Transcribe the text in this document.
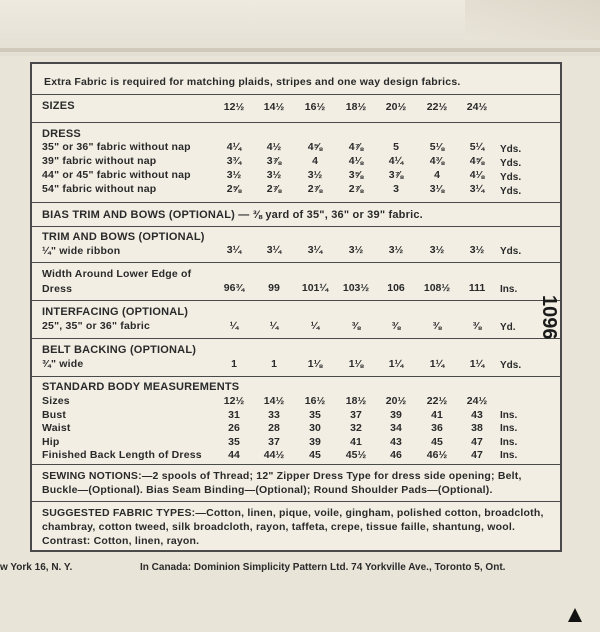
Extra Fabric is required for matching plaids, stripes and one way design fabrics.
SIZES	12½	14½	16½	18½	20½	22½	24½
DRESS
35" or 36" fabric without nap	4¼	4½	4⅝	4⅞	5	5⅛	5¼	Yds.
39" fabric without nap	3¾	3⅞	4	4⅛	4¼	4⅜	4⅝	Yds.
44" or 45" fabric without nap	3½	3½	3½	3⅝	3⅞	4	4⅛	Yds.
54" fabric without nap	2⅝	2⅞	2⅞	2⅞	3	3⅛	3¼	Yds.
BIAS TRIM AND BOWS (OPTIONAL) — ⅜ yard of 35", 36" or 39" fabric.
TRIM AND BOWS (OPTIONAL)
¼" wide ribbon	3¼	3¼	3¼	3½	3½	3½	3½	Yds.
Width Around Lower Edge of
Dress	96¾	99	101¼	103½	106	108½	111	Ins.
INTERFACING (OPTIONAL)
25", 35" or 36" fabric	¼	¼	¼	⅜	⅜	⅜	⅜	Yd.
BELT BACKING (OPTIONAL)
¾" wide	1	1	1⅛	1⅛	1¼	1¼	1¼	Yds.
STANDARD BODY MEASUREMENTS
Sizes	12½	14½	16½	18½	20½	22½	24½
Bust	31	33	35	37	39	41	43	Ins.
Waist	26	28	30	32	34	36	38	Ins.
Hip	35	37	39	41	43	45	47	Ins.
Finished Back Length of Dress	44	44½	45	45½	46	46½	47	Ins.
SEWING NOTIONS:—2 spools of Thread; 12" Zipper Dress Type for dress side opening; Belt,
Buckle—(Optional). Bias Seam Binding—(Optional); Round Shoulder Pads—(Optional).
SUGGESTED FABRIC TYPES:—Cotton, linen, pique, voile, gingham, polished cotton, broadcloth,
chambray, cotton tweed, silk broadcloth, rayon, taffeta, crepe, tissue faille, shantung, wool.
Contrast: Cotton, linen, rayon.
w York 16, N. Y.	In Canada: Dominion Simplicity Pattern Ltd. 74 Yorkville Ave., Toronto 5, Ont.
1096
